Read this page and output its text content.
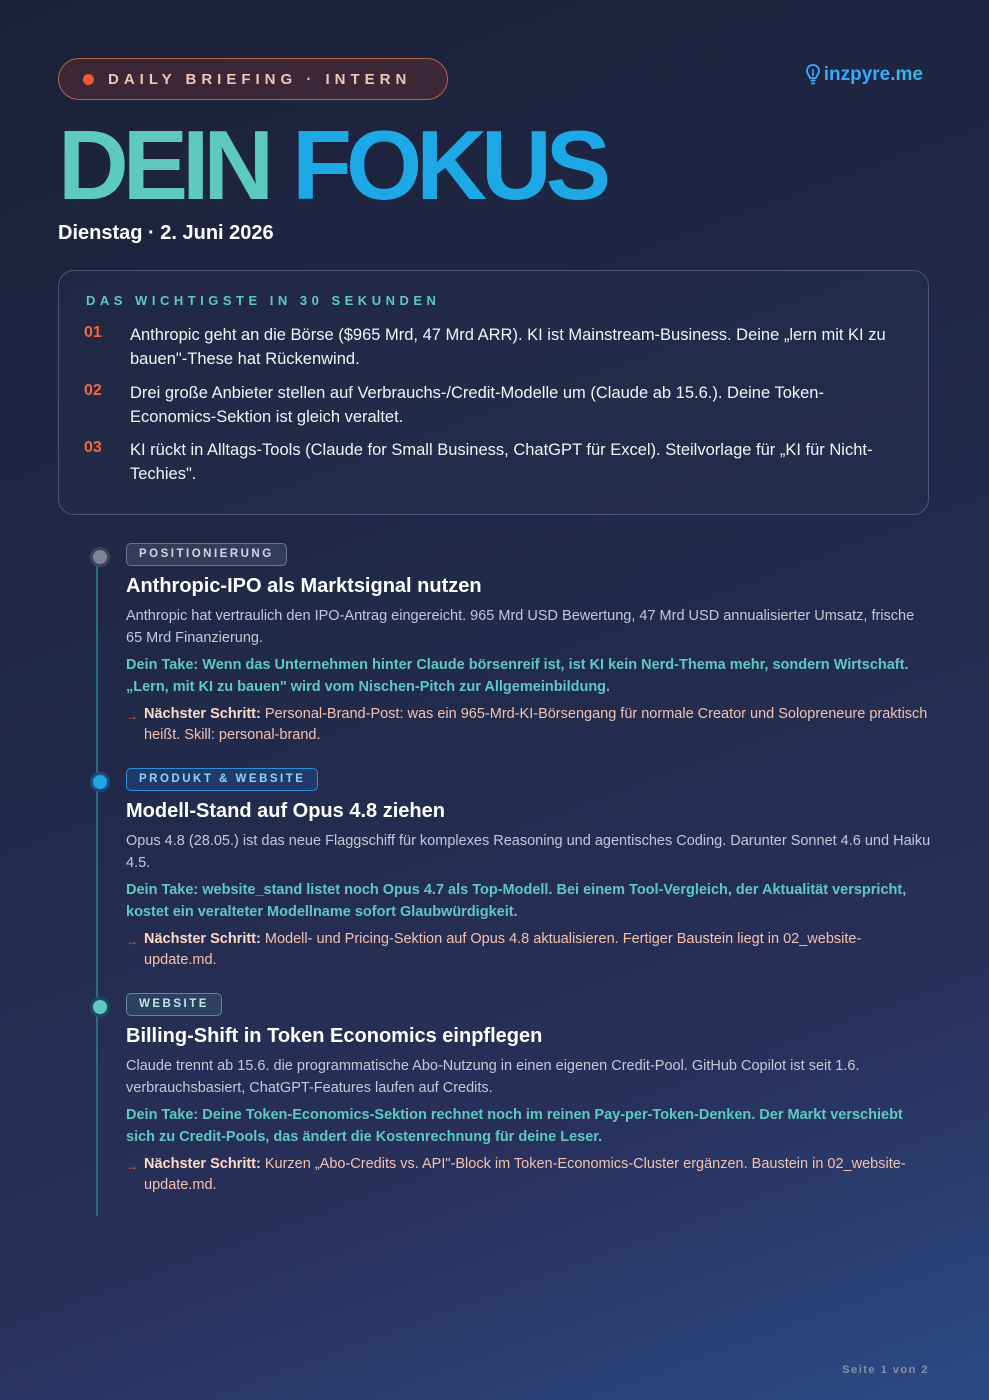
DAILY BRIEFING · INTERN	inzpyre.me
DEIN FOKUS
Dienstag · 2. Juni 2026
DAS WICHTIGSTE IN 30 SEKUNDEN
01	Anthropic geht an die Börse ($965 Mrd, 47 Mrd ARR). KI ist Mainstream-Business. Deine „lern mit KI zu bauen"-These hat Rückenwind.
02	Drei große Anbieter stellen auf Verbrauchs-/Credit-Modelle um (Claude ab 15.6.). Deine Token-Economics-Sektion ist gleich veraltet.
03	KI rückt in Alltags-Tools (Claude for Small Business, ChatGPT für Excel). Steilvorlage für „KI für Nicht-Techies".
POSITIONIERUNG
Anthropic-IPO als Marktsignal nutzen
Anthropic hat vertraulich den IPO-Antrag eingereicht. 965 Mrd USD Bewertung, 47 Mrd USD annualisierter Umsatz, frische 65 Mrd Finanzierung.
Dein Take: Wenn das Unternehmen hinter Claude börsenreif ist, ist KI kein Nerd-Thema mehr, sondern Wirtschaft. „Lern, mit KI zu bauen" wird vom Nischen-Pitch zur Allgemeinbildung.
→ Nächster Schritt: Personal-Brand-Post: was ein 965-Mrd-KI-Börsengang für normale Creator und Solopreneure praktisch heißt. Skill: personal-brand.
PRODUKT & WEBSITE
Modell-Stand auf Opus 4.8 ziehen
Opus 4.8 (28.05.) ist das neue Flaggschiff für komplexes Reasoning und agentisches Coding. Darunter Sonnet 4.6 und Haiku 4.5.
Dein Take: website_stand listet noch Opus 4.7 als Top-Modell. Bei einem Tool-Vergleich, der Aktualität verspricht, kostet ein veralteter Modellname sofort Glaubwürdigkeit.
→ Nächster Schritt: Modell- und Pricing-Sektion auf Opus 4.8 aktualisieren. Fertiger Baustein liegt in 02_website-update.md.
WEBSITE
Billing-Shift in Token Economics einpflegen
Claude trennt ab 15.6. die programmatische Abo-Nutzung in einen eigenen Credit-Pool. GitHub Copilot ist seit 1.6. verbrauchsbasiert, ChatGPT-Features laufen auf Credits.
Dein Take: Deine Token-Economics-Sektion rechnet noch im reinen Pay-per-Token-Denken. Der Markt verschiebt sich zu Credit-Pools, das ändert die Kostenrechnung für deine Leser.
→ Nächster Schritt: Kurzen „Abo-Credits vs. API"-Block im Token-Economics-Cluster ergänzen. Baustein in 02_website-update.md.
Seite 1 von 2
